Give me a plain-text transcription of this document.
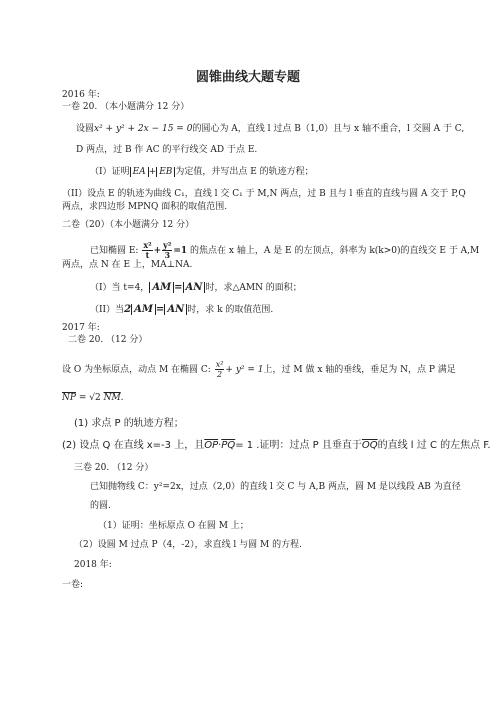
圆锥曲线大题专题
2016 年:
一卷 20. （本小题满分 12 分）
设圆x² + y² + 2x − 15 = 0的圆心为 A，直线 l 过点 B（1,0）且与 x 轴不重合，l 交圆 A 于 C,
D 两点，过 B 作 AC 的平行线交 AD 于点 E.
（I）证明 EA + EB 为定值，并写出点 E 的轨迹方程；
（II）设点 E 的轨迹为曲线 C₁，直线 l 交 C₁ 于 M,N 两点，过 B 且与 l 垂直的直线与圆 A 交于 P,Q
两点，求四边形 MPNQ 面积的取值范围.
二卷（20）（本小题满分 12 分）
已知椭圆 E: $\frac{\text{x²}}{t} + \frac{\text{y²}}{3} =1$ 的焦点在 x 轴上，A 是 E 的左顶点，斜率为 k(k>0)的直线交 E 于 A,M
两点，点 N 在 E 上，MA⊥NA.
（I）当 t=4， AM = AN 时，求△AMN 的面积；
（II）当2 AM = AN 时，求 k 的取值范围.
2017 年:
二卷 20. （12 分）
设 O 为坐标原点，动点 M 在椭圆 C: $\frac{\text{x²}}{2} + y^2 = 1$上，过 M 做 x 轴的垂线，垂足为 N，点 P 满足
$\overline{NP} = √2$ $\overline{NM}$.
(1) 求点 P 的轨迹方程；
(2) 设点 Q 在直线 x=-3 上，且$\overline{OP}\cdot\overline{PQ}= 1$ .证明：过点 P 且垂直于$\overline{OQ}$的直线 l 过 C 的左焦点 F.
三卷 20. （12 分）
已知抛物线 C：y²=2x，过点（2,0）的直线 l 交 C 与 A,B 两点，圆 M 是以线段 AB 为直径
的圆.
（1）证明：坐标原点 O 在圆 M 上；
（2）设圆 M 过点 P（4，-2），求直线 l 与圆 M 的方程.
2018 年:
一卷:
